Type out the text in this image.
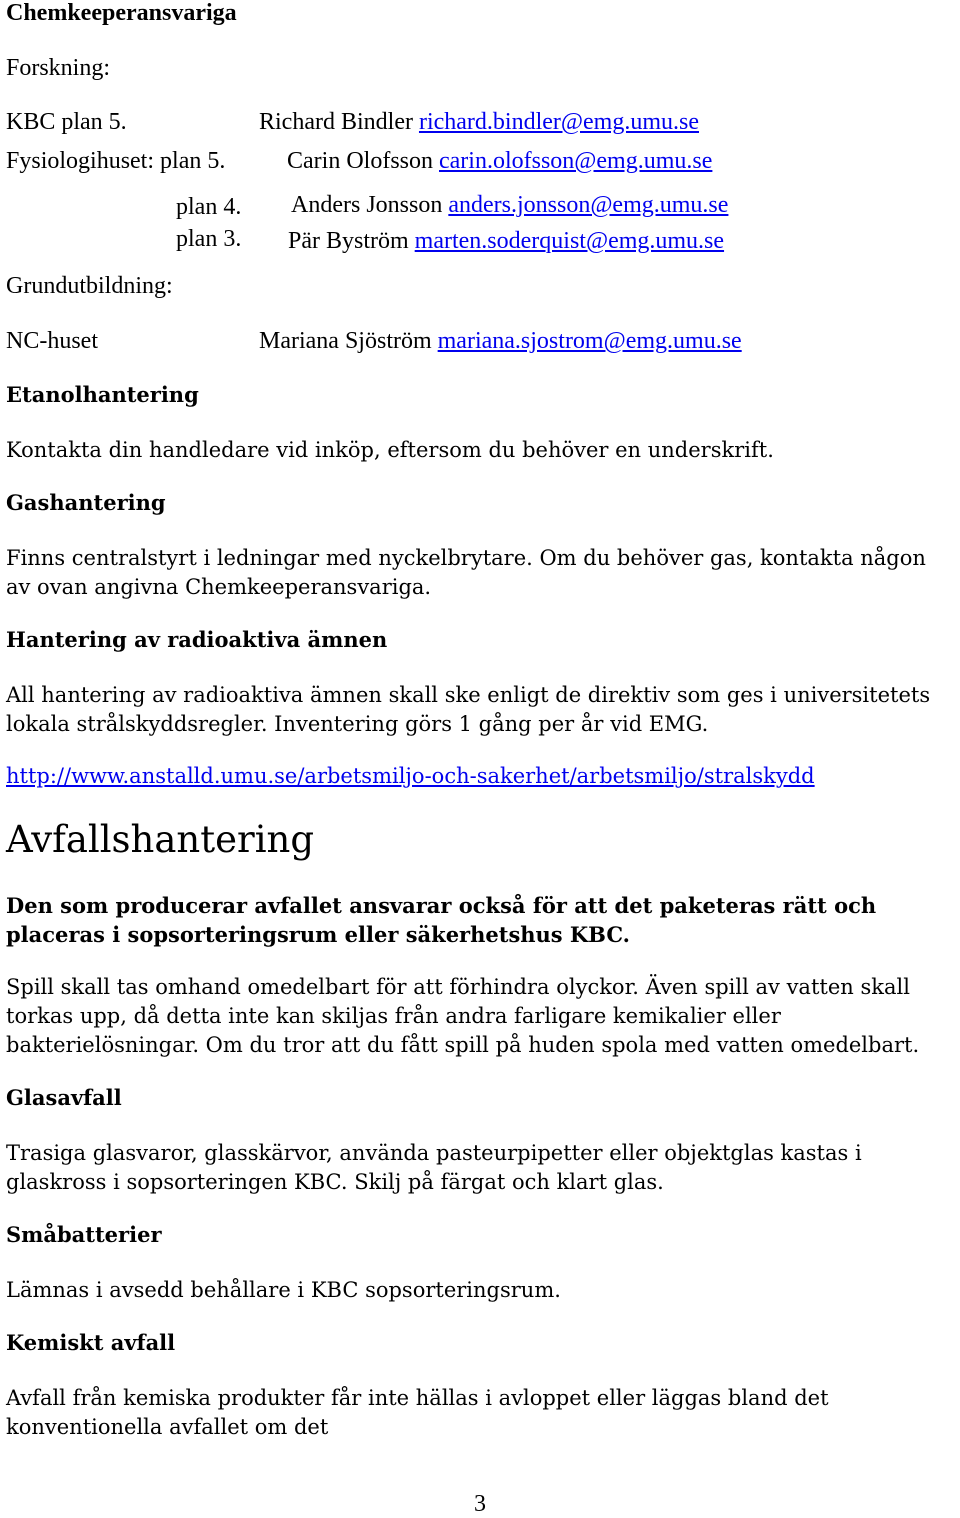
Chemkeeperansvariga
Forskning:
KBC plan 5.	Richard Bindler richard.bindler@emg.umu.se
Fysiologihuset: plan 5.	Carin Olofsson carin.olofsson@emg.umu.se
plan 4. Anders Jonsson anders.jonsson@emg.umu.se
plan 3. Pär Byström marten.soderquist@emg.umu.se
Grundutbildning:
NC-huset	Mariana Sjöström mariana.sjostrom@emg.umu.se
Etanolhantering
Kontakta din handledare vid inköp, eftersom du behöver en underskrift.
Gashantering
Finns centralstyrt i ledningar med nyckelbrytare. Om du behöver gas, kontakta någon av ovan angivna Chemkeeperansvariga.
Hantering av radioaktiva ämnen
All hantering av radioaktiva ämnen skall ske enligt de direktiv som ges i universitetets lokala strålskyddsregler. Inventering görs 1 gång per år vid EMG.
http://www.anstalld.umu.se/arbetsmiljo-och-sakerhet/arbetsmiljo/stralskydd
Avfallshantering
Den som producerar avfallet ansvarar också för att det paketeras rätt och placeras i sopsorteringsrum eller säkerhetshus KBC.
Spill skall tas omhand omedelbart för att förhindra olyckor. Även spill av vatten skall torkas upp, då detta inte kan skiljas från andra farligare kemikalier eller bakterielösningar. Om du tror att du fått spill på huden spola med vatten omedelbart.
Glasavfall
Trasiga glasvaror, glasskärvor, använda pasteurpipetter eller objektglas kastas i glaskross i sopsorteringen KBC. Skilj på färgat och klart glas.
Småbatterier
Lämnas i avsedd behållare i KBC sopsorteringsrum.
Kemiskt avfall
Avfall från kemiska produkter får inte hällas i avloppet eller läggas bland det konventionella avfallet om det
3
